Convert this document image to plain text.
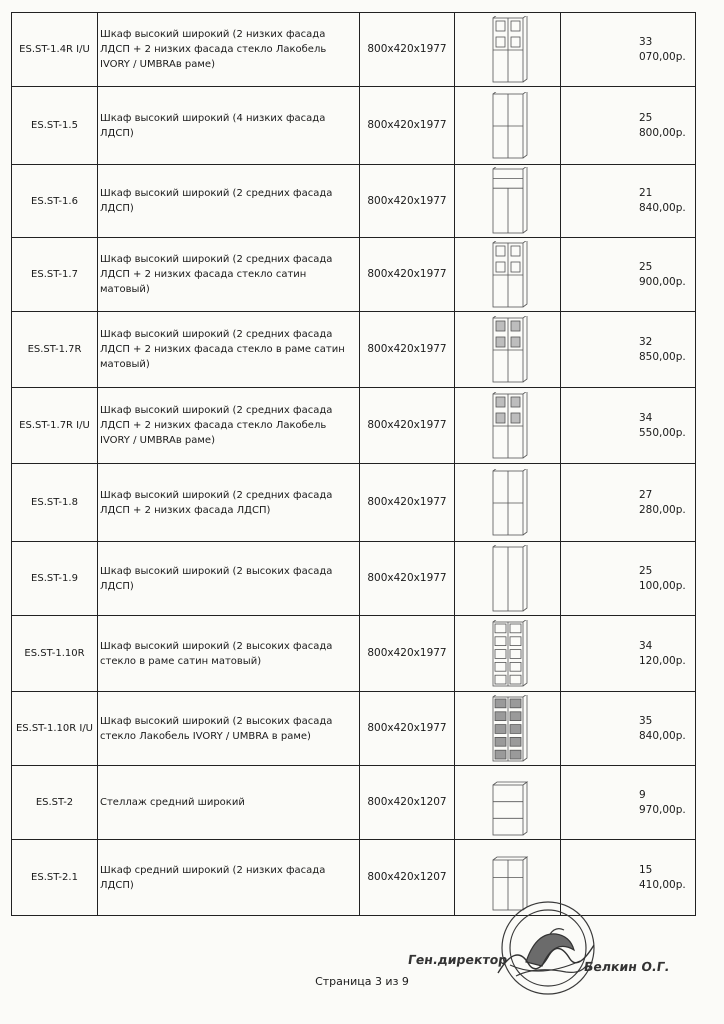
ES.ST-1.4R I/U	Шкаф высокий широкий (2 низких фасада ЛДСП + 2 низких фасада стекло Лакобель IVORY / UMBRAв раме)	800x420x1977		33 070,00р.
ES.ST-1.5	Шкаф высокий широкий (4 низких фасада ЛДСП)	800x420x1977		25 800,00р.
ES.ST-1.6	Шкаф высокий широкий (2 средних фасада ЛДСП)	800x420x1977		21 840,00р.
ES.ST-1.7	Шкаф высокий широкий (2 средних фасада ЛДСП + 2 низких фасада стекло сатин матовый)	800x420x1977		25 900,00р.
ES.ST-1.7R	Шкаф высокий широкий (2 средних фасада ЛДСП + 2 низких фасада стекло в раме сатин матовый)	800x420x1977		32 850,00р.
ES.ST-1.7R I/U	Шкаф высокий широкий (2 средних фасада ЛДСП + 2 низких фасада стекло Лакобель IVORY / UMBRAв раме)	800x420x1977		34 550,00р.
ES.ST-1.8	Шкаф высокий широкий (2 средних фасада ЛДСП + 2 низких фасада ЛДСП)	800x420x1977		27 280,00р.
ES.ST-1.9	Шкаф высокий широкий (2 высоких фасада ЛДСП)	800x420x1977		25 100,00р.
ES.ST-1.10R	Шкаф высокий широкий (2 высоких фасада стекло в раме сатин матовый)	800x420x1977		34 120,00р.
ES.ST-1.10R I/U	Шкаф высокий широкий (2 высоких фасада стекло Лакобель IVORY / UMBRA в раме)	800x420x1977		35 840,00р.
ES.ST-2	Стеллаж средний широкий	800x420x1207		9 970,00р.
ES.ST-2.1	Шкаф средний широкий (2 низких фасада ЛДСП)	800x420x1207		15 410,00р.
Страница 3 из 9
Ген.директор	Белкин О.Г.
